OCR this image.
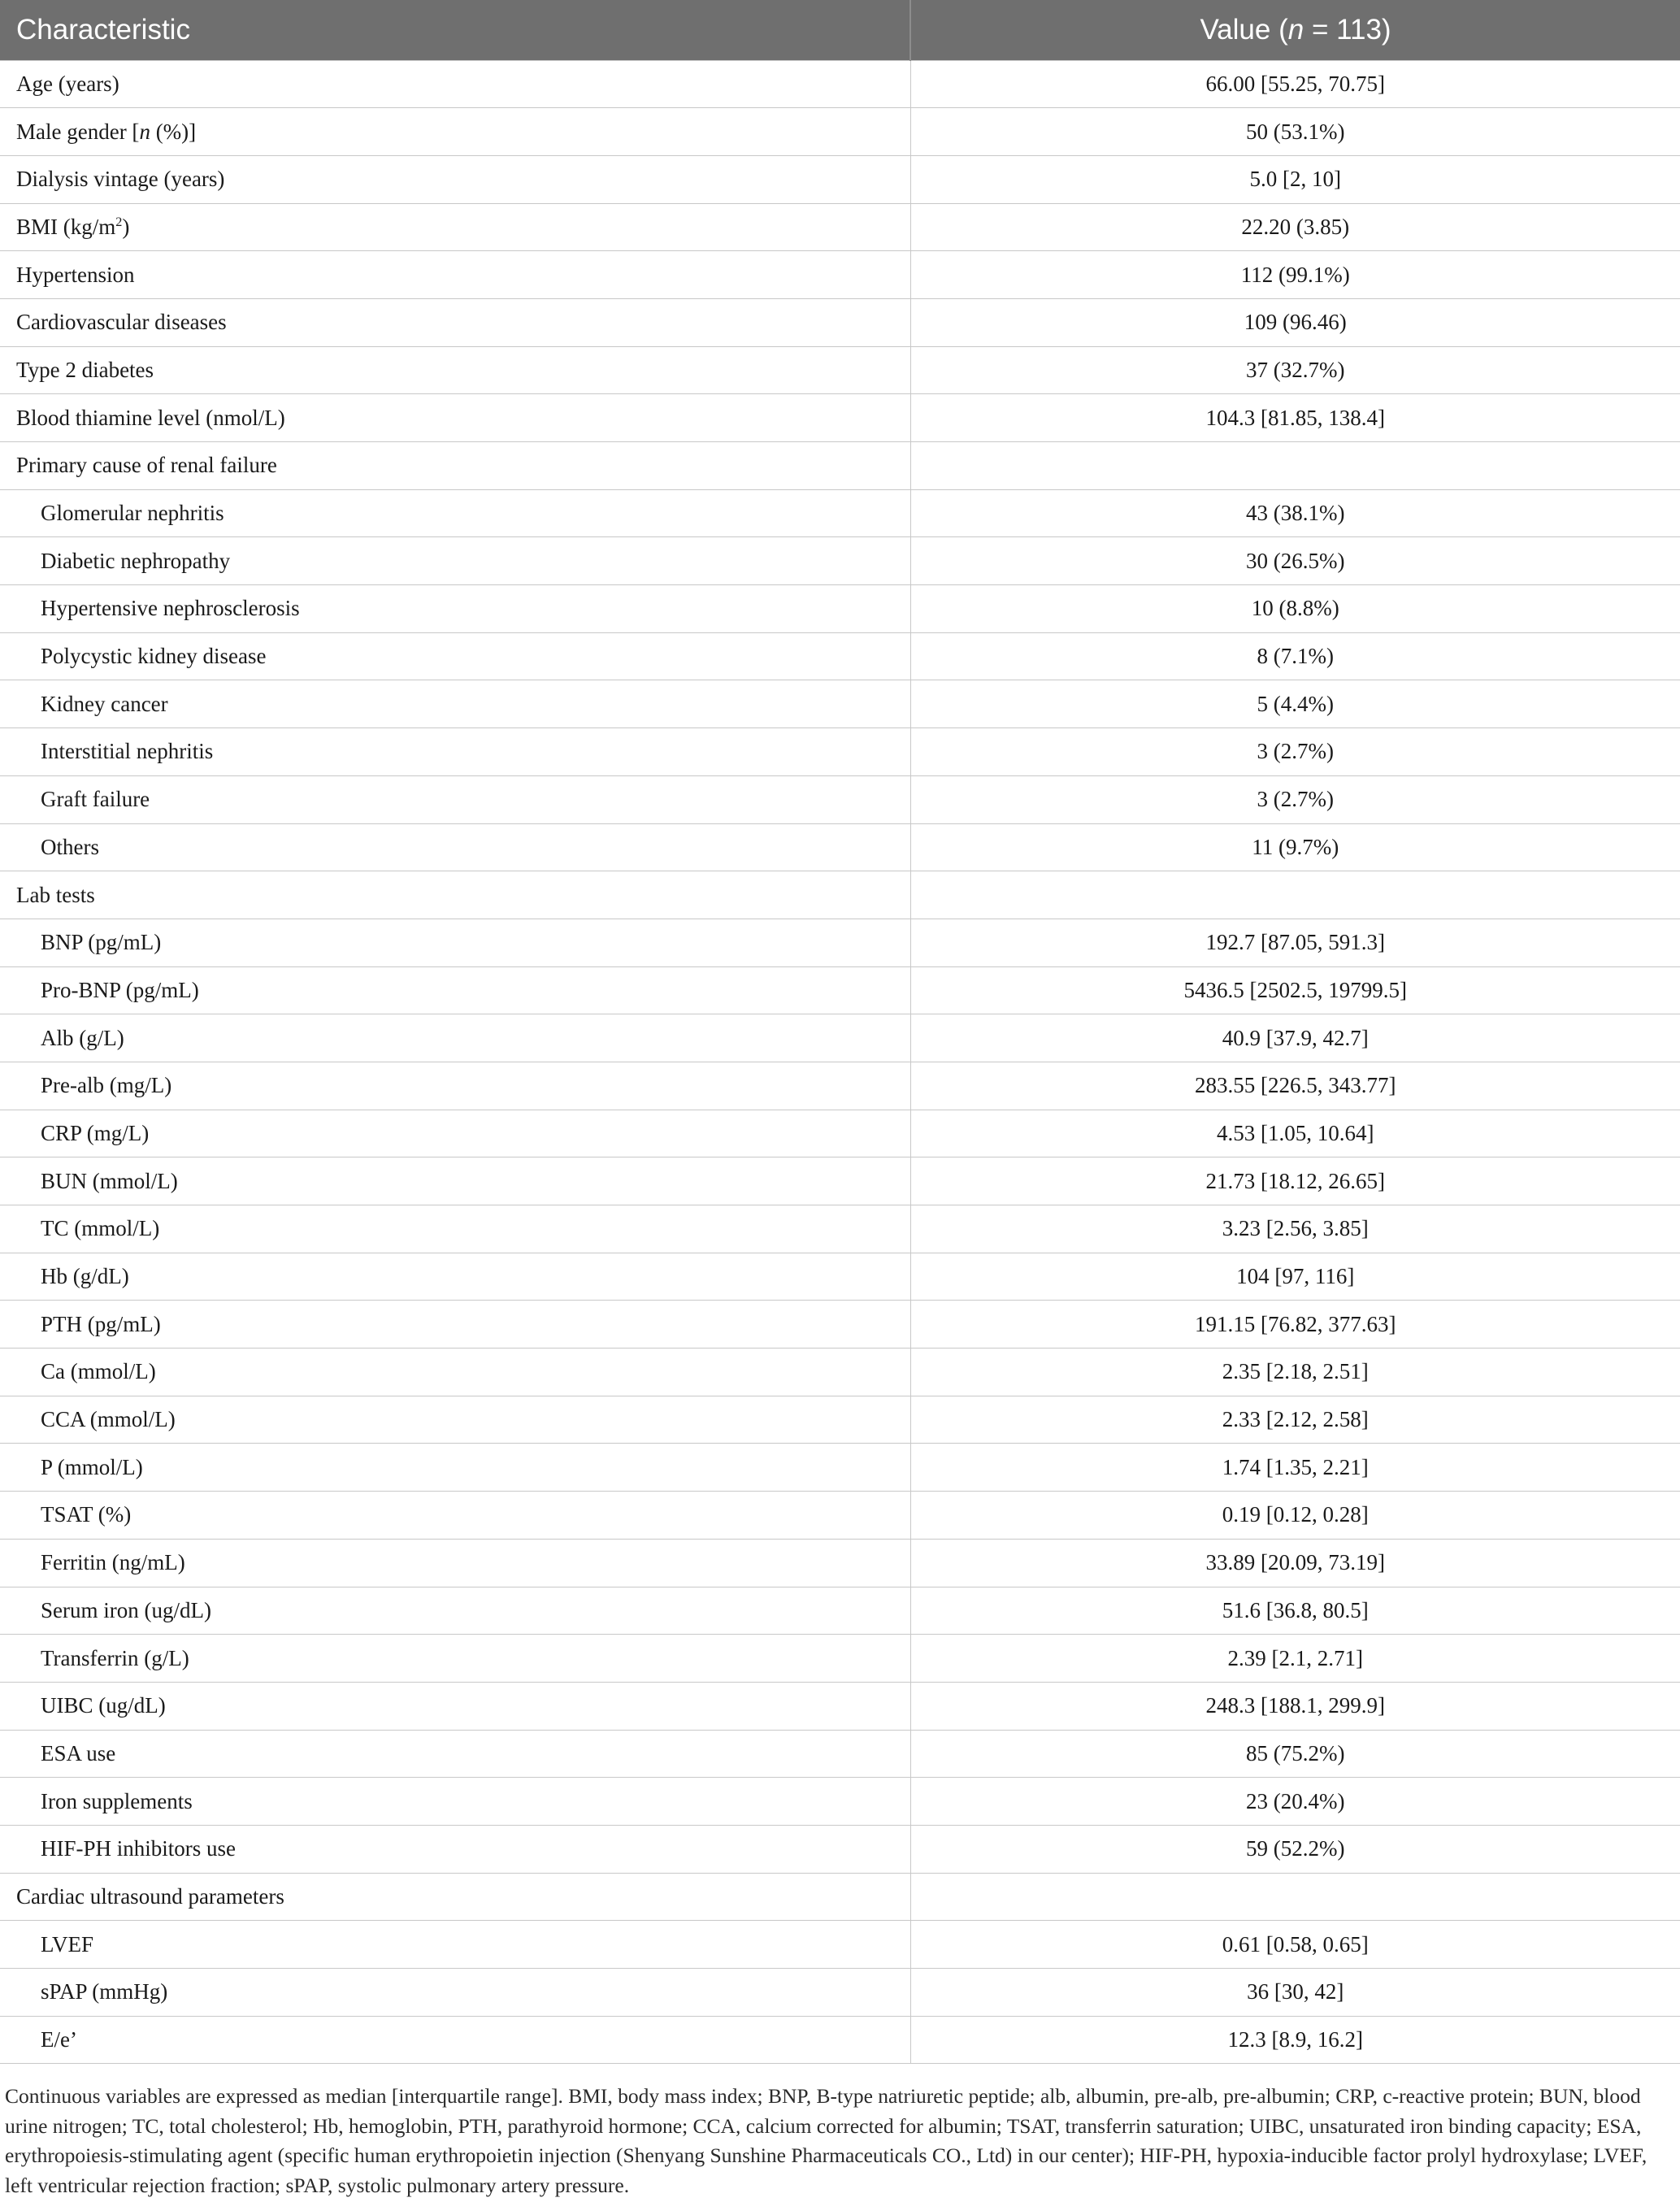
Characteristic	Value (n = 113)
Age (years)	66.00 [55.25, 70.75]
Male gender [n (%)]	50 (53.1%)
Dialysis vintage (years)	5.0 [2, 10]
BMI $(kg/m^2)$	22.20 (3.85)
Hypertension	112 (99.1%)
Cardiovascular diseases	109 (96.46)
Type 2 diabetes	37 (32.7%)
Blood thiamine level (nmol/L)	104.3 [81.85, 138.4]
Primary cause of renal failure	
Glomerular nephritis	43 (38.1%)
Diabetic nephropathy	30 (26.5%)
Hypertensive nephrosclerosis	10 (8.8%)
Polycystic kidney disease	8 (7.1%)
Kidney cancer	5 (4.4%)
Interstitial nephritis	3 (2.7%)
Graft failure	3 (2.7%)
Others	11 (9.7%)
Lab tests	
BNP (pg/mL)	192.7 [87.05, 591.3]
Pro-BNP (pg/mL)	5436.5 [2502.5, 19799.5]
Alb (g/L)	40.9 [37.9, 42.7]
Pre-alb (mg/L)	283.55 [226.5, 343.77]
CRP (mg/L)	4.53 [1.05, 10.64]
BUN (mmol/L)	21.73 [18.12, 26.65]
TC (mmol/L)	3.23 [2.56, 3.85]
Hb (g/dL)	104 [97, 116]
PTH (pg/mL)	191.15 [76.82, 377.63]
Ca (mmol/L)	2.35 [2.18, 2.51]
CCA (mmol/L)	2.33 [2.12, 2.58]
P (mmol/L)	1.74 [1.35, 2.21]
TSAT (%)	0.19 [0.12, 0.28]
Ferritin (ng/mL)	33.89 [20.09, 73.19]
Serum iron (ug/dL)	51.6 [36.8, 80.5]
Transferrin (g/L)	2.39 [2.1, 2.71]
UIBC (ug/dL)	248.3 [188.1, 299.9]
ESA use	85 (75.2%)
Iron supplements	23 (20.4%)
HIF-PH inhibitors use	59 (52.2%)
Cardiac ultrasound parameters	
LVEF	0.61 [0.58, 0.65]
sPAP (mmHg)	36 [30, 42]
E/e’	12.3 [8.9, 16.2]

Continuous variables are expressed as median [interquartile range]. BMI, body mass index; BNP, B-type natriuretic peptide; alb, albumin, pre-alb, pre-albumin; CRP, c-reactive protein; BUN, blood urine nitrogen; TC, total cholesterol; Hb, hemoglobin, PTH, parathyroid hormone; CCA, calcium corrected for albumin; TSAT, transferrin saturation; UIBC, unsaturated iron binding capacity; ESA, erythropoiesis-stimulating agent (specific human erythropoietin injection (Shenyang Sunshine Pharmaceuticals CO., Ltd) in our center); HIF-PH, hypoxia-inducible factor prolyl hydroxylase; LVEF, left ventricular rejection fraction; sPAP, systolic pulmonary artery pressure.
